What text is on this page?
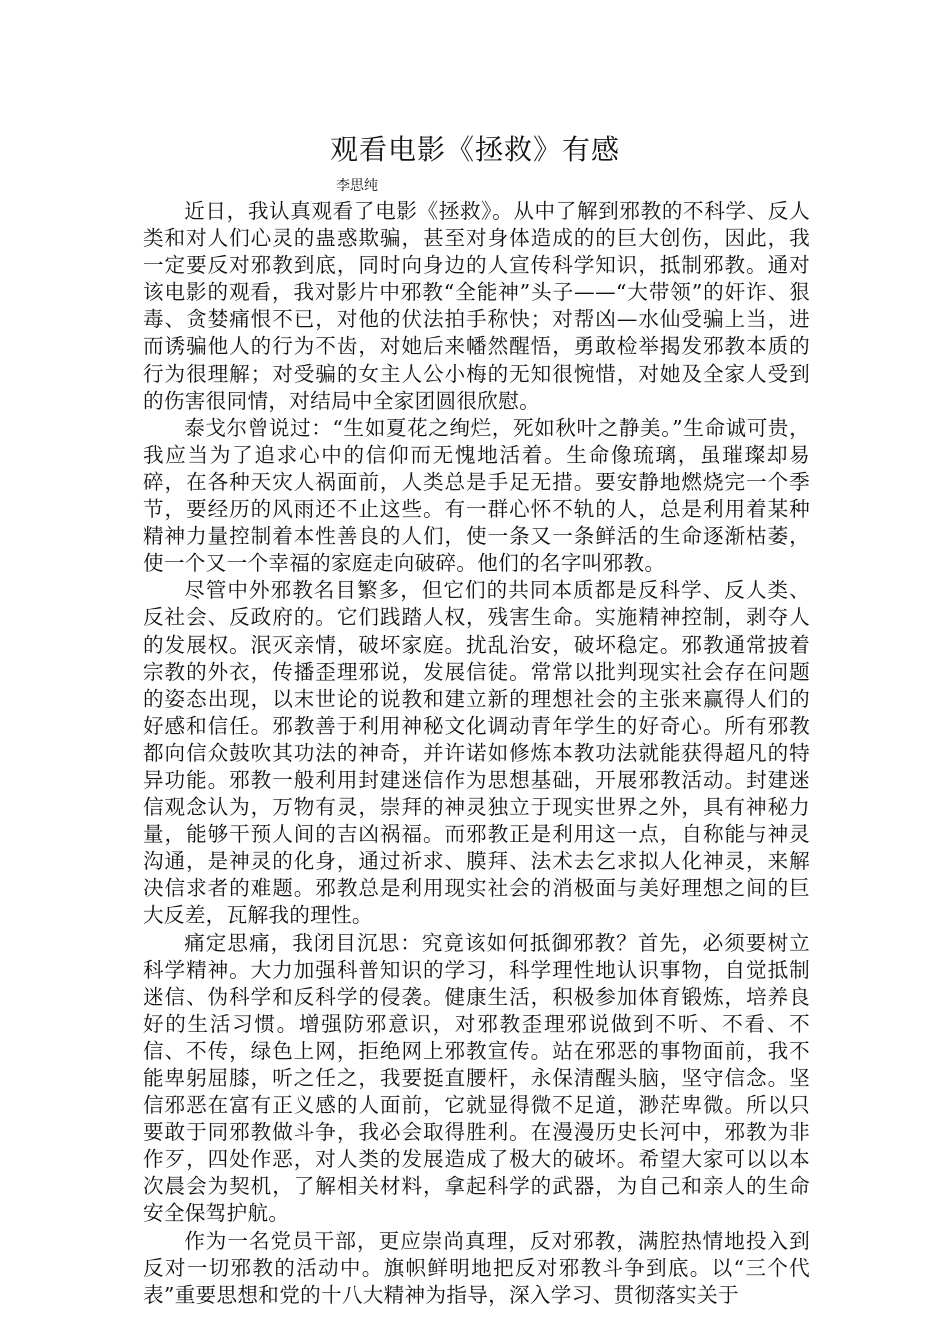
观看电影《拯救》有感
李思纯

近日，我认真观看了电影《拯救》。从中了解到邪教的不科学、反人类和对人们心灵的蛊惑欺骗，甚至对身体造成的的巨大创伤，因此，我一定要反对邪教到底，同时向身边的人宣传科学知识，抵制邪教。通对该电影的观看，我对影片中邪教“全能神”头子——“大带领”的奸诈、狠毒、贪婪痛恨不已，对他的伏法拍手称快；对帮凶—水仙受骗上当，进而诱骗他人的行为不齿，对她后来幡然醒悟，勇敢检举揭发邪教本质的行为很理解；对受骗的女主人公小梅的无知很惋惜，对她及全家人受到的伤害很同情，对结局中全家团圆很欣慰。

泰戈尔曾说过：“生如夏花之绚烂，死如秋叶之静美。”生命诚可贵，我应当为了追求心中的信仰而无愧地活着。生命像琉璃，虽璀璨却易碎，在各种天灾人祸面前，人类总是手足无措。要安静地燃烧完一个季节，要经历的风雨还不止这些。有一群心怀不轨的人，总是利用着某种精神力量控制着本性善良的人们，使一条又一条鲜活的生命逐渐枯萎，使一个又一个幸福的家庭走向破碎。他们的名字叫邪教。

尽管中外邪教名目繁多，但它们的共同本质都是反科学、反人类、反社会、反政府的。它们践踏人权，残害生命。实施精神控制，剥夺人的发展权。泯灭亲情，破坏家庭。扰乱治安，破坏稳定。邪教通常披着宗教的外衣，传播歪理邪说，发展信徒。常常以批判现实社会存在问题的姿态出现，以末世论的说教和建立新的理想社会的主张来赢得人们的好感和信任。邪教善于利用神秘文化调动青年学生的好奇心。所有邪教都向信众鼓吹其功法的神奇，并许诺如修炼本教功法就能获得超凡的特异功能。邪教一般利用封建迷信作为思想基础，开展邪教活动。封建迷信观念认为，万物有灵，崇拜的神灵独立于现实世界之外，具有神秘力量，能够干预人间的吉凶祸福。而邪教正是利用这一点，自称能与神灵沟通，是神灵的化身，通过祈求、膜拜、法术去乞求拟人化神灵，来解决信求者的难题。邪教总是利用现实社会的消极面与美好理想之间的巨大反差，瓦解我的理性。

痛定思痛，我闭目沉思：究竟该如何抵御邪教？首先，必须要树立科学精神。大力加强科普知识的学习，科学理性地认识事物，自觉抵制迷信、伪科学和反科学的侵袭。健康生活，积极参加体育锻炼，培养良好的生活习惯。增强防邪意识，对邪教歪理邪说做到不听、不看、不信、不传，绿色上网，拒绝网上邪教宣传。站在邪恶的事物面前，我不能卑躬屈膝，听之任之，我要挺直腰杆，永保清醒头脑，坚守信念。坚信邪恶在富有正义感的人面前，它就显得微不足道，渺茫卑微。所以只要敢于同邪教做斗争，我必会取得胜利。在漫漫历史长河中，邪教为非作歹，四处作恶，对人类的发展造成了极大的破坏。希望大家可以以本次晨会为契机，了解相关材料，拿起科学的武器，为自己和亲人的生命安全保驾护航。

作为一名党员干部，更应崇尚真理，反对邪教，满腔热情地投入到反对一切邪教的活动中。旗帜鲜明地把反对邪教斗争到底。以“三个代表”重要思想和党的十八大精神为指导，深入学习、贯彻落实关于
